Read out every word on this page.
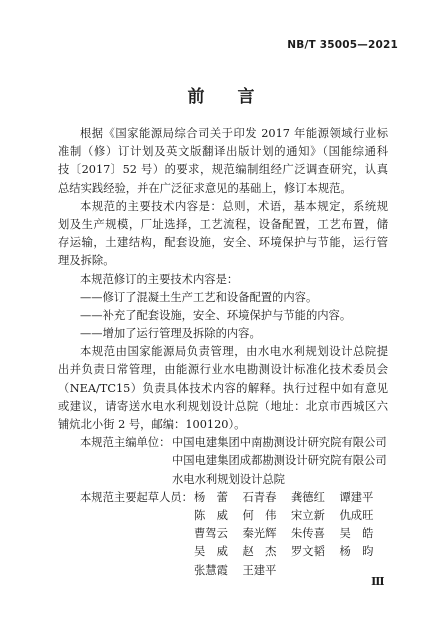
NB/T 35005—2021
前 言
根据《国家能源局综合司关于印发 2017 年能源领域行业标
准制（修）订计划及英文版翻译出版计划的通知》（国能综通科
技〔2017〕52 号）的要求，规范编制组经广泛调查研究，认真
总结实践经验，并在广泛征求意见的基础上，修订本规范。
本规范的主要技术内容是：总则，术语，基本规定，系统规
划及生产规模，厂址选择，工艺流程，设备配置，工艺布置，储
存运输，土建结构，配套设施，安全、环境保护与节能，运行管
理及拆除。
本规范修订的主要技术内容是：
——修订了混凝土生产工艺和设备配置的内容。
——补充了配套设施，安全、环境保护与节能的内容。
——增加了运行管理及拆除的内容。
本规范由国家能源局负责管理，由水电水利规划设计总院提
出并负责日常管理，由能源行业水电勘测设计标准化技术委员会
（NEA/TC15）负责具体技术内容的解释。执行过程中如有意见
或建议，请寄送水电水利规划设计总院（地址：北京市西城区六
铺炕北小街 2 号，邮编：100120）。
本规范主编单位： 中国电建集团中南勘测设计研究院有限公司
中国电建集团成都勘测设计研究院有限公司
水电水利规划设计总院
本规范主要起草人员： 杨　蕾	石青春	龚德红	谭建平
陈　威	何　伟	宋立新	仇成旺
曹驾云	秦光辉	朱传喜	吴　皓
吴　威	赵　杰	罗文韬	杨　昀
张慧霞	王建平
Ⅲ
